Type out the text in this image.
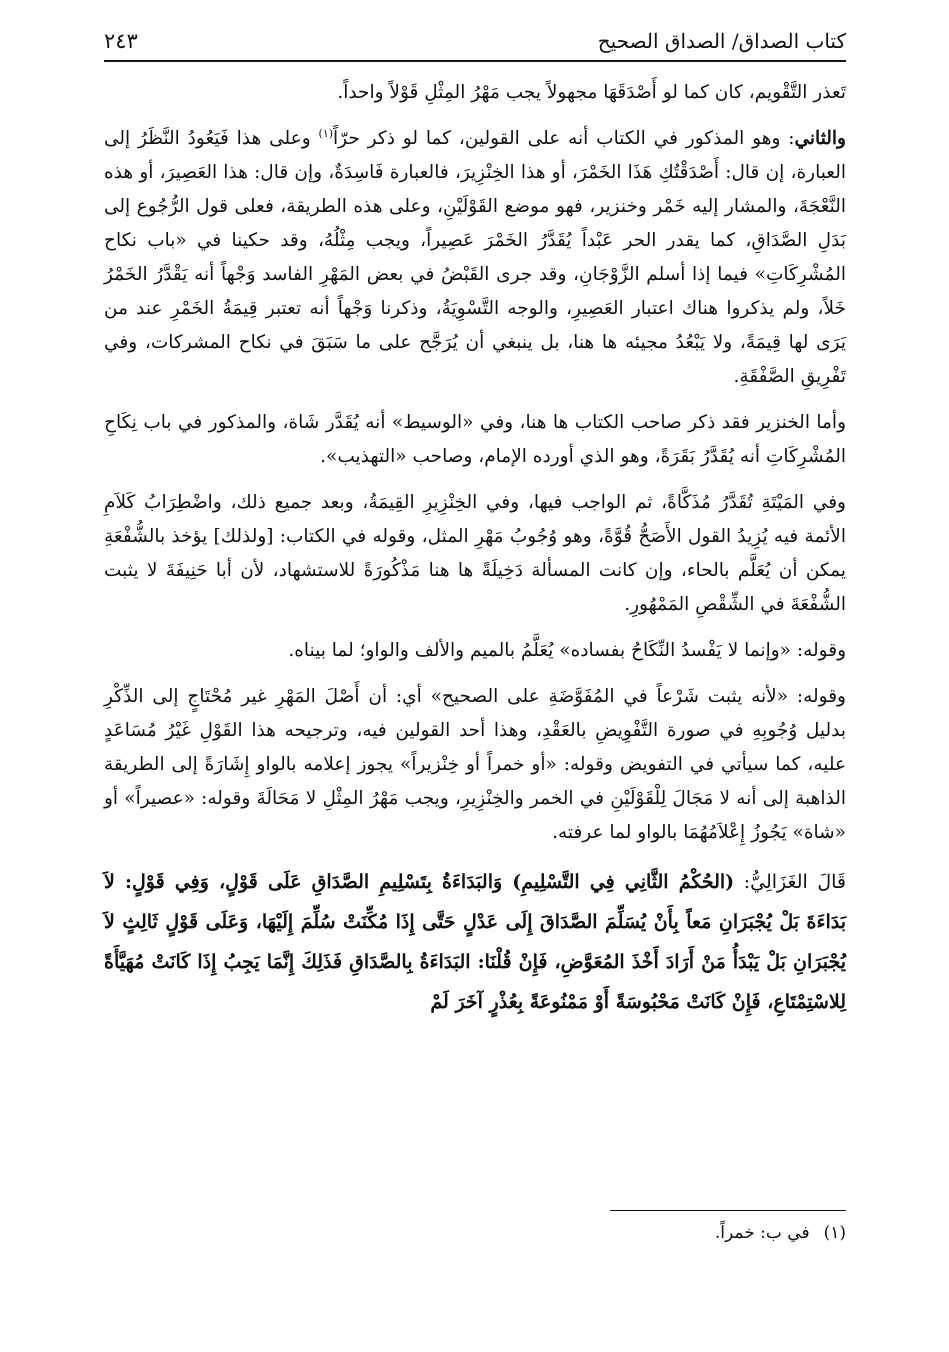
كتاب الصداق/ الصداق الصحيح
٢٤٣

تَعذر التَّقْويم، كان كما لو أَصْدَقَهَا مجهولاً يجب مَهْرُ المِثْلِ قَوْلاً واحداً.

والثاني: وهو المذكور في الكتاب أنه على القولين، كما لو ذكر حرّاً$^{(١)}$ وعلى هذا فَيَعُودُ النَّظَرُ إلى العبارة، إن قال: أَصْدَقْتُكِ هَذَا الخَمْرَ، أو هذا الخِنْزِيرَ، فالعبارة فَاسِدَةٌ، وإن قال: هذا العَصِيرَ، أو هذه النَّعْجَةَ، والمشار إليه خَمْر وخنزير، فهو موضع القَوْلَيْنِ، وعلى هذه الطريقة، فعلى قول الرُّجُوع إلى بَدَلِ الصَّدَاقِ، كما يقدر الحر عَبْداً يُقَدَّرُ الخَمْرَ عَصِيراً، ويجب مِثْلُهُ، وقد حكينا في «باب نكاح المُشْرِكَاتِ» فيما إذا أسلم الزَّوْجَانِ، وقد جرى القَبْضُ في بعض المَهْرِ الفاسد وَجْهاً أنه يَقْدَّرُ الخَمْرُ خَلاً، ولم يذكروا هناك اعتبار العَصِيرِ، والوجه التَّسْوِيَةُ، وذكرنا وَجْهاً أنه تعتبر قِيمَةُ الخَمْرِ عند من يَرَى لها قِيمَةً، ولا يَبْعُدُ مجيئه ها هنا، بل ينبغي أن يُرَجَّح على ما سَبَقَ في نكاح المشركات، وفي تَفْرِيقِ الصَّفْقَةِ.

وأما الخنزير فقد ذكر صاحب الكتاب ها هنا، وفي «الوسيط» أنه يُقَدَّر شَاة، والمذكور في باب نِكَاحِ المُشْرِكَاتِ أنه يُقَدَّرُ بَقَرَةً، وهو الذي أورده الإمام، وصاحب «التهذيب».

وفي المَيْتَةِ تُقَدَّرُ مُذَكَّاةً، ثم الواجب فيها، وفي الخِنْزِيرِ القِيمَةُ، وبعد جميع ذلك، واضْطِرَابُ كَلاَمِ الأئمة فيه يُزِيدُ القول الأَصَحُّ قُوَّةً، وهو وُجُوبُ مَهْرِ المثل، وقوله في الكتاب: [ولذلك] يؤخذ بالشُّفْعَةِ يمكن أن يُعَلَّم بالحاء، وإن كانت المسألة دَخِيلَةً ها هنا مَذْكُورَةً للاستشهاد، لأن أبا حَنِيفَةَ لا يثبت الشُّفْعَةَ في الشِّقْصِ المَمْهُورِ.

وقوله: «وإنما لا يَفْسدُ النِّكَاحُ بفساده» يُعَلَّمُ بالميم والألف والواو؛ لما بيناه.

وقوله: «لأنه يثبت شَرْعاً في المُفَوَّضَةِ على الصحيح» أي: أن أَصْلَ المَهْرِ غير مُحْتَاجٍ إلى الذِّكْرِ بدليل وُجُوبِهِ في صورة التَّفْوِيضِ بالعَقْدِ، وهذا أحد القولين فيه، وترجيحه هذا القَوْلِ غَيْرُ مُسَاعَدٍ عليه، كما سيأتي في التفويض وقوله: «أو خمراً أو خِنْزيراً» يجوز إعلامه بالواو إِشَارَةً إلى الطريقة الذاهبة إلى أنه لا مَجَالَ لِلْقَوْلَيْنِ في الخمر والخِنْزِيرِ، ويجب مَهْرُ المِثْلِ لا مَحَالَةَ وقوله: «عصيراً» أو «شاة» يَجُوزُ إِعْلاَمُهُمَا بالواو لما عرفته.

قَالَ الغَزَالِيُّ: (الحُكْمُ الثَّانِي فِي التَّسْلِيمِ) وَالبَدَاءَةُ بِتَسْلِيمِ الصَّدَاقِ عَلَى قَوْلٍ، وَفِي قَوْلٍ: لاَ بَدَاءَةَ بَلْ يُجْبَرَانِ مَعاً بِأَنْ يُسَلِّمَ الصَّدَاقَ إِلَى عَدْلٍ حَتَّى إِذَا مُكِّنَتْ سُلِّمَ إِلَيْهَا، وَعَلَى قَوْلٍ ثَالِثٍ لاَ يُجْبَرَانِ بَلْ يَبْدَأُ مَنْ أَرَادَ أَخْذَ المُعَوَّضِ، فَإِنْ قُلْنَا: البَدَاءَةُ بِالصَّدَاقِ فَذَلِكَ إِنَّمَا يَجِبُ إِذَا كَانَتْ مُهَيَّأَةً لِلاسْتِمْتَاعِ، فَإِنْ كَانَتْ مَحْبُوسَةً أَوْ مَمْنُوعَةً بِعُذْرٍ آخَرَ لَمْ
(١)في ب: خمراً.
